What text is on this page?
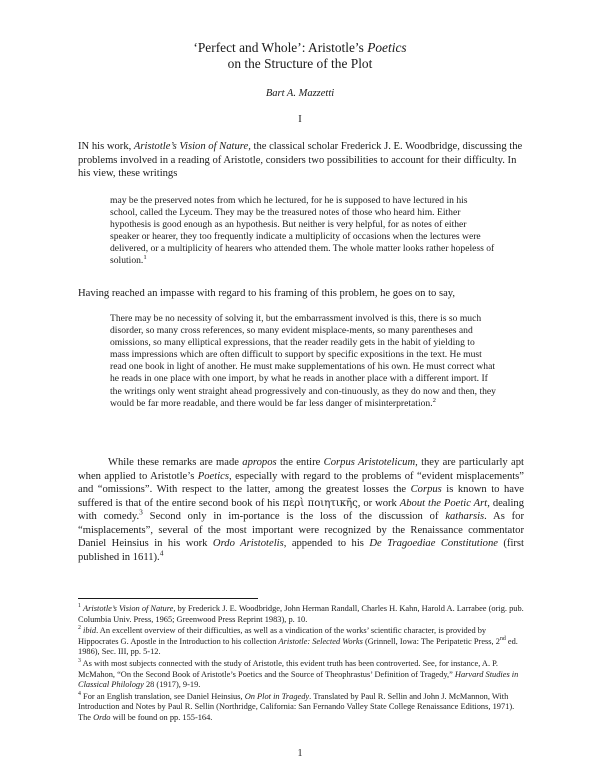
‘Perfect and Whole’: Aristotle’s Poetics
on the Structure of the Plot
Bart A. Mazzetti
I

IN his work, Aristotle’s Vision of Nature, the classical scholar Frederick J. E. Woodbridge, discussing the problems involved in a reading of Aristotle, considers two possibilities to account for their difficulty. In his view, these writings

may be the preserved notes from which he lectured, for he is supposed to have lectured in his school, called the Lyceum. They may be the treasured notes of those who heard him. Either hypothesis is good enough as an hypothesis. But neither is very helpful, for as notes of either speaker or hearer, they too frequently indicate a multiplicity of occasions when the lectures were delivered, or a multiplicity of hearers who attended them. The whole matter looks rather hopeless of solution.$^1$

Having reached an impasse with regard to his framing of this problem, he goes on to say,

There may be no necessity of solving it, but the embarrassment involved is this, there is so much disorder, so many cross references, so many evident misplace-ments, so many parentheses and omissions, so many elliptical expressions, that the reader readily gets in the habit of yielding to mass impressions which are often difficult to support by specific expositions in the text. He must read one book in light of another. He must make supplementations of his own. He must correct what he reads in one place with one import, by what he reads in another place with a different import. If the writings only went straight ahead progressively and con-tinuously, as they do now and then, they would be far more readable, and there would be far less danger of misinterpretation.$^2$

While these remarks are made apropos the entire Corpus Aristotelicum, they are particularly apt when applied to Aristotle’s Poetics, especially with regard to the problems of “evident misplacements” and “omissions”. With respect to the latter, among the greatest losses the Corpus is known to have suffered is that of the entire second book of his περὶ ποιητικῆς, or work About the Poetic Art, dealing with comedy.$^3$ Second only in im-portance is the loss of the discussion of katharsis. As for “misplacements”, several of the most important were recognized by the Renaissance commentator Daniel Heinsius in his work Ordo Aristotelis, appended to his De Tragoediae Constitutione (first published in 1611).$^4$

$^1$ Aristotle’s Vision of Nature, by Frederick J. E. Woodbridge, John Herman Randall, Charles H. Kahn, Harold A. Larrabee (orig. pub. Columbia Univ. Press, 1965; Greenwood Press Reprint 1983), p. 10.

$^2$ ibid. An excellent overview of their difficulties, as well as a vindication of the works’ scientific character, is provided by Hippocrates G. Apostle in the Introduction to his collection Aristotle: Selected Works (Grinnell, Iowa: The Peripatetic Press, 2nd ed. 1986), Sec. III, pp. 5-12.

$^3$ As with most subjects connected with the study of Aristotle, this evident truth has been controverted. See, for instance, A. P. McMahon, “On the Second Book of Aristotle’s Poetics and the Source of Theophrastus’ Definition of Tragedy,” Harvard Studies in Classical Philology 28 (1917), 9-19.

$^4$ For an English translation, see Daniel Heinsius, On Plot in Tragedy. Translated by Paul R. Sellin and John J. McMannon, With Introduction and Notes by Paul R. Sellin (Northridge, California: San Fernando Valley State College Renaissance Editions, 1971). The Ordo will be found on pp. 155-164.

1
